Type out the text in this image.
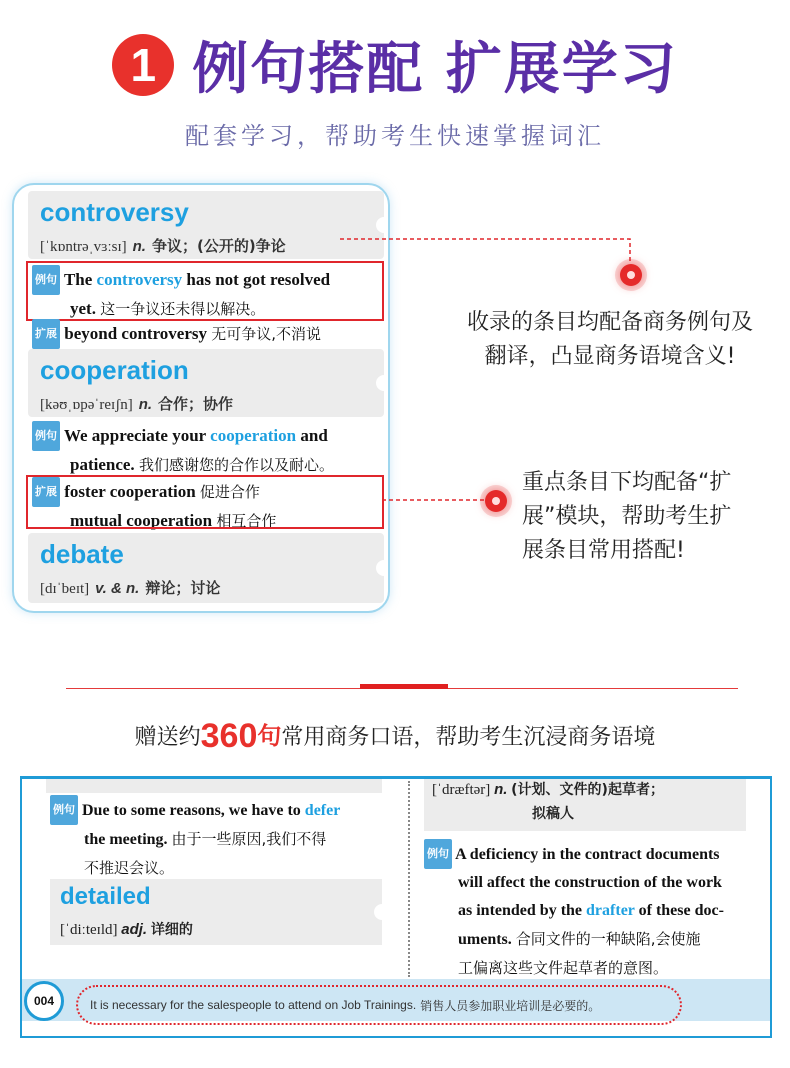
1 例句搭配 扩展学习
配套学习，帮助考生快速掌握词汇
controversy
[ˈkɒntrəˌvɜːsɪ] n. 争议；(公开的)争论
例句 The controversy has not got resolved
yet. 这一争议还未得以解决。
扩展 beyond controversy 无可争议,不消说
cooperation
[kəʊˌɒpəˈreɪʃn] n. 合作；协作
例句 We appreciate your cooperation and
patience. 我们感谢您的合作以及耐心。
扩展 foster cooperation 促进合作
mutual cooperation 相互合作
debate
[dɪˈbeɪt] v. & n. 辩论；讨论
收录的条目均配备商务例句及
翻译，凸显商务语境含义!
重点条目下均配备“扩
展”模块，帮助考生扩
展条目常用搭配!
赠送约360句常用商务口语，帮助考生沉浸商务语境
[ˈdræftər] n. (计划、文件的)起草者；
拟稿人
例句 Due to some reasons, we have to defer
the meeting. 由于一些原因,我们不得
不推迟会议。
detailed
[ˈdiːteɪld] adj. 详细的
例句 A deficiency in the contract documents
will affect the construction of the work
as intended by the drafter of these doc-
uments. 合同文件的一种缺陷,会使施
工偏离这些文件起草者的意图。
004	It is necessary for the salespeople to attend on Job Trainings. 销售人员参加职业培训是必要的。
